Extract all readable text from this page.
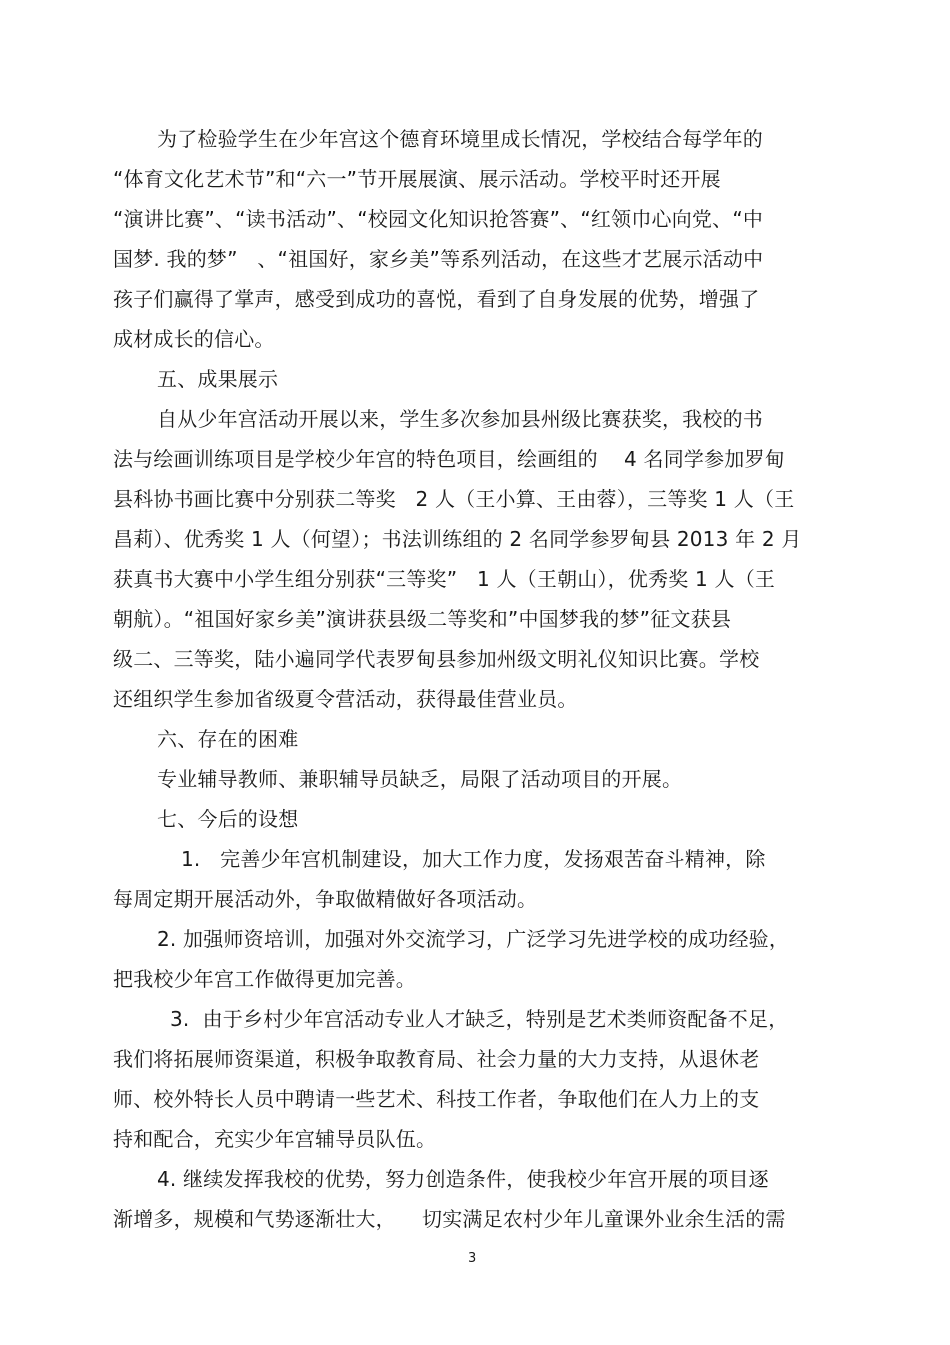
为了检验学生在少年宫这个德育环境里成长情况，学校结合每学年的
“体育文化艺术节”和“六一”节开展展演、展示活动。学校平时还开展
“演讲比赛”、“读书活动”、“校园文化知识抢答赛”、“红领巾心向党、“中
国梦. 我的梦”   、“祖国好，家乡美”等系列活动，在这些才艺展示活动中
孩子们赢得了掌声，感受到成功的喜悦，看到了自身发展的优势，增强了
成材成长的信心。
五、成果展示
自从少年宫活动开展以来，学生多次参加县州级比赛获奖，我校的书
法与绘画训练项目是学校少年宫的特色项目，绘画组的    4 名同学参加罗甸
县科协书画比赛中分别获二等奖   2 人（王小算、王由蓉），三等奖 1 人（王
昌莉）、优秀奖 1 人（何望）；书法训练组的 2 名同学参罗甸县 2013 年 2 月
获真书大赛中小学生组分别获“三等奖”   1 人（王朝山），优秀奖 1 人（王
朝航）。“祖国好家乡美”演讲获县级二等奖和”中国梦我的梦”征文获县
级二、三等奖，陆小遍同学代表罗甸县参加州级文明礼仪知识比赛。学校
还组织学生参加省级夏令营活动，获得最佳营业员。
六、存在的困难
专业辅导教师、兼职辅导员缺乏，局限了活动项目的开展。
七、今后的设想
1.   完善少年宫机制建设，加大工作力度，发扬艰苦奋斗精神，除
每周定期开展活动外，争取做精做好各项活动。
2. 加强师资培训，加强对外交流学习，广泛学习先进学校的成功经验，
把我校少年宫工作做得更加完善。
3.  由于乡村少年宫活动专业人才缺乏，特别是艺术类师资配备不足，
我们将拓展师资渠道，积极争取教育局、社会力量的大力支持，从退休老
师、校外特长人员中聘请一些艺术、科技工作者，争取他们在人力上的支
持和配合，充实少年宫辅导员队伍。
4. 继续发挥我校的优势，努力创造条件，使我校少年宫开展的项目逐
渐增多，规模和气势逐渐壮大，    切实满足农村少年儿童课外业余生活的需
3
